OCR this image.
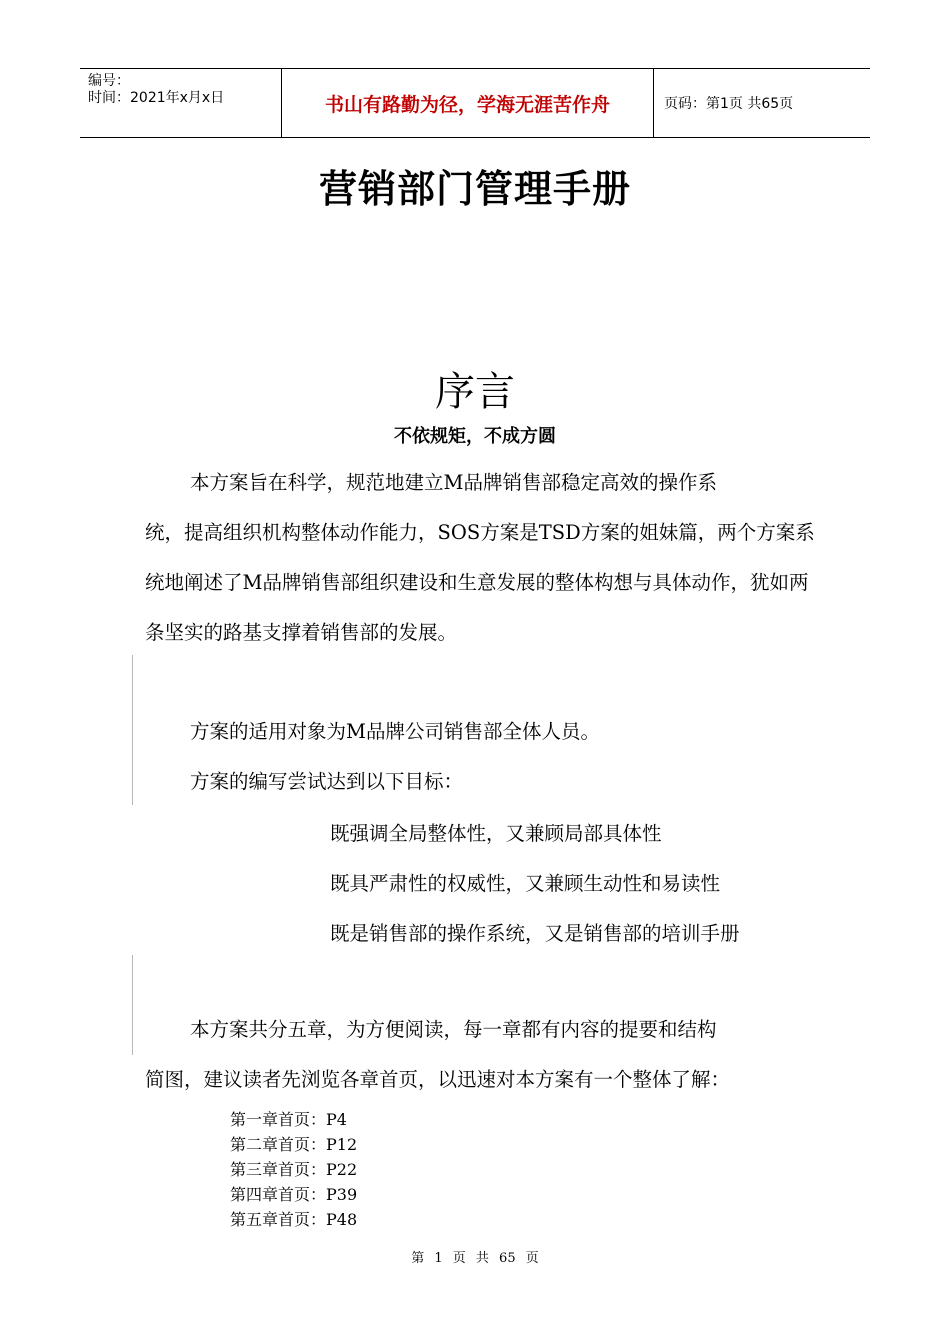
编号：
时间：2021年x月x日	书山有路勤为径，学海无涯苦作舟	页码：第1页 共65页
营销部门管理手册
序言
不依规矩，不成方圆
本方案旨在科学，规范地建立M品牌销售部稳定高效的操作系

统，提高组织机构整体动作能力，SOS方案是TSD方案的姐妹篇，两个方案系统地阐述了M品牌销售部组织建设和生意发展的整体构想与具体动作，犹如两条坚实的路基支撑着销售部的发展。

方案的适用对象为M品牌公司销售部全体人员。
方案的编写尝试达到以下目标：
既强调全局整体性，又兼顾局部具体性
既具严肃性的权威性，又兼顾生动性和易读性
既是销售部的操作系统，又是销售部的培训手册
本方案共分五章，为方便阅读，每一章都有内容的提要和结构
简图，建议读者先浏览各章首页，以迅速对本方案有一个整体了解：
第一章首页：P4
第二章首页：P12
第三章首页：P22
第四章首页：P39
第五章首页：P48
第 1 页 共 65 页
